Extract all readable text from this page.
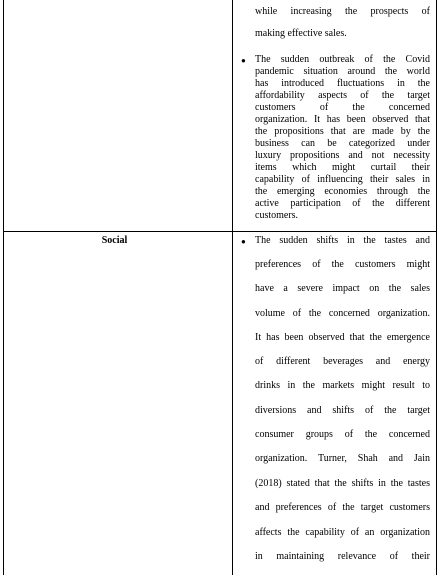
while increasing the prospects of
making effective sales.
● The sudden outbreak of the Covid
pandemic situation around the world
has introduced fluctuations in the
affordability aspects of the target
customers of the concerned
organization. It has been observed that
the propositions that are made by the
business can be categorized under
luxury propositions and not necessity
items which might curtail their
capability of influencing their sales in
the emerging economies through the
active participation of the different
customers.
Social	● The sudden shifts in the tastes and
preferences of the customers might
have a severe impact on the sales
volume of the concerned organization.
It has been observed that the emergence
of different beverages and energy
drinks in the markets might result to
diversions and shifts of the target
consumer groups of the concerned
organization. Turner, Shah and Jain
(2018) stated that the shifts in the tastes
and preferences of the target customers
affects the capability of an organization
in maintaining relevance of their
